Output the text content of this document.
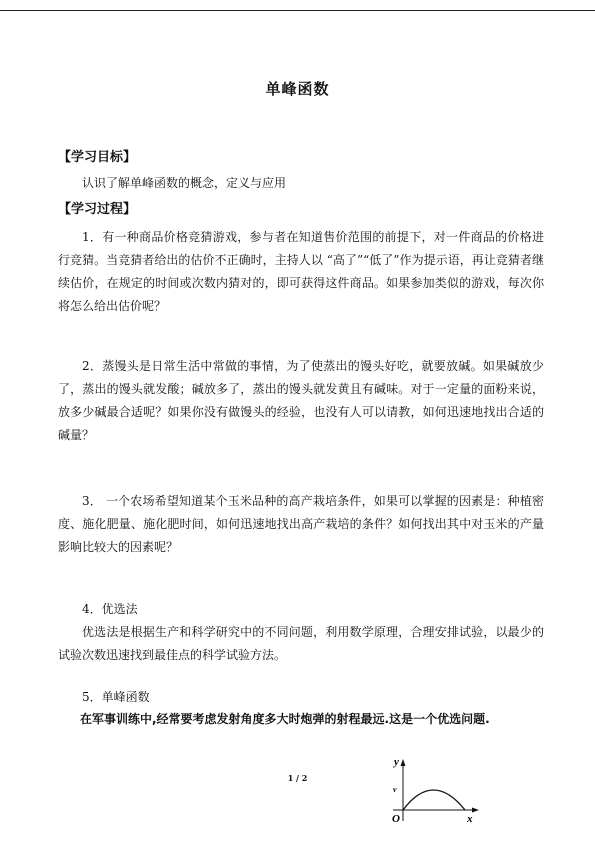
单峰函数
【学习目标】
认识了解单峰函数的概念，定义与应用
【学习过程】
1．有一种商品价格竞猜游戏，参与者在知道售价范围的前提下，对一件商品的价格进行竞猜。当竞猜者给出的估价不正确时，主持人以 “高了”“低了”作为提示语，再让竞猜者继续估价，在规定的时间或次数内猜对的，即可获得这件商品。如果参加类似的游戏，每次你将怎么给出估价呢？
2．蒸馒头是日常生活中常做的事情，为了使蒸出的馒头好吃，就要放碱。如果碱放少了，蒸出的馒头就发酸；碱放多了，蒸出的馒头就发黄且有碱味。对于一定量的面粉来说，放多少碱最合适呢？如果你没有做馒头的经验，也没有人可以请教，如何迅速地找出合适的碱量？
3． 一个农场希望知道某个玉米品种的高产栽培条件，如果可以掌握的因素是：种植密度、施化肥量、施化肥时间，如何迅速地找出高产栽培的条件？如何找出其中对玉米的产量影响比较大的因素呢？
4．优选法
优选法是根据生产和科学研究中的不同问题，利用数学原理，合理安排试验，以最少的试验次数迅速找到最佳点的科学试验方法。
5．单峰函数
在军事训练中,经常要考虑发射角度多大时炮弹的射程最远.这是一个优选问题.
1 / 2
y
v
O	x
